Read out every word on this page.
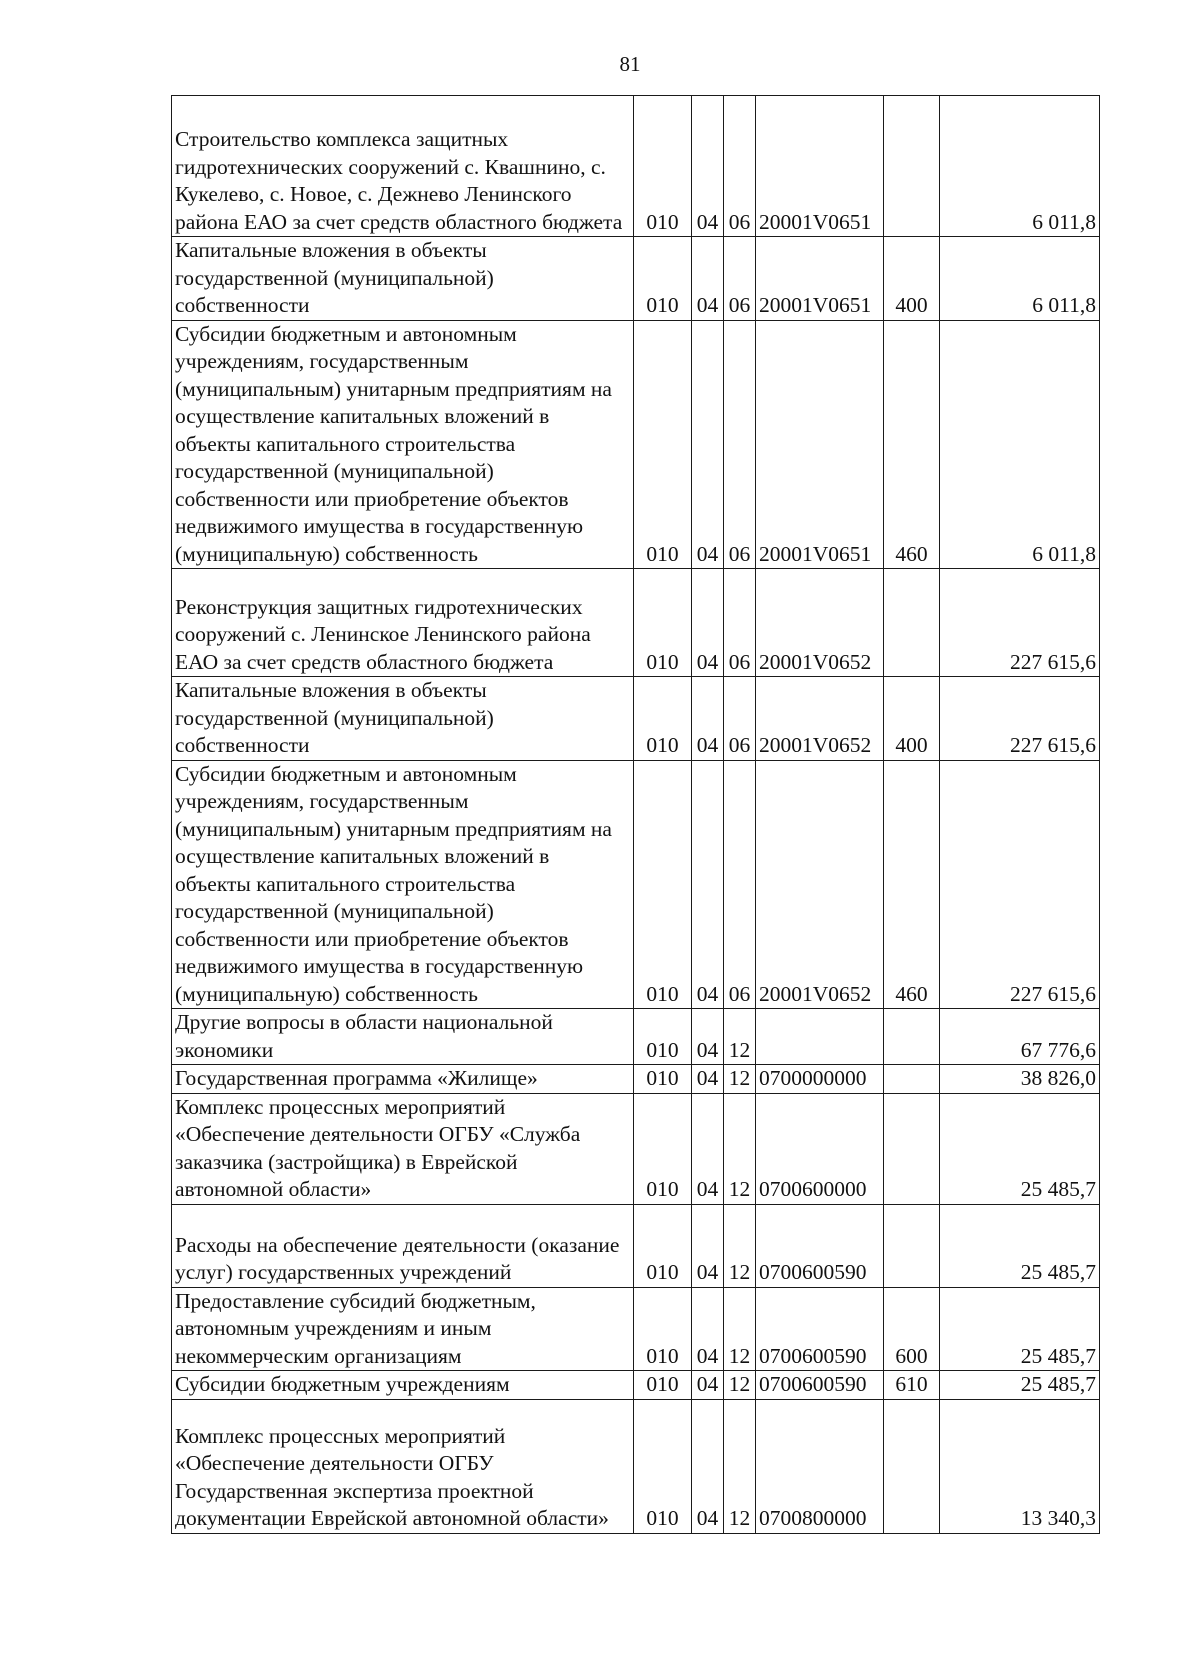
81
Строительство комплекса защитных гидротехнических сооружений с. Квашнино, с. Кукелево, с. Новое, с. Дежнево Ленинского района ЕАО за счет средств областного бюджета	010	04	06	20001V0651		6 011,8

Капитальные вложения в объекты государственной (муниципальной) собственности	010	04	06	20001V0651	400	6 011,8

Субсидии бюджетным и автономным учреждениям, государственным (муниципальным) унитарным предприятиям на осуществление капитальных вложений в объекты капитального строительства государственной (муниципальной) собственности или приобретение объектов недвижимого имущества в государственную (муниципальную) собственность	010	04	06	20001V0651	460	6 011,8

Реконструкция защитных гидротехнических сооружений с. Ленинское Ленинского района ЕАО за счет средств областного бюджета	010	04	06	20001V0652		227 615,6

Капитальные вложения в объекты государственной (муниципальной) собственности	010	04	06	20001V0652	400	227 615,6

Субсидии бюджетным и автономным учреждениям, государственным (муниципальным) унитарным предприятиям на осуществление капитальных вложений в объекты капитального строительства государственной (муниципальной) собственности или приобретение объектов недвижимого имущества в государственную (муниципальную) собственность	010	04	06	20001V0652	460	227 615,6

Другие вопросы в области национальной экономики	010	04	12			67 776,6

Государственная программа «Жилище»	010	04	12	0700000000		38 826,0

Комплекс процессных мероприятий «Обеспечение деятельности ОГБУ «Служба заказчика (застройщика) в Еврейской автономной области»	010	04	12	0700600000		25 485,7

Расходы на обеспечение деятельности (оказание услуг) государственных учреждений	010	04	12	0700600590		25 485,7

Предоставление субсидий бюджетным, автономным учреждениям и иным некоммерческим организациям	010	04	12	0700600590	600	25 485,7

Субсидии бюджетным учреждениям	010	04	12	0700600590	610	25 485,7

Комплекс процессных мероприятий «Обеспечение деятельности ОГБУ Государственная экспертиза проектной документации Еврейской автономной области»	010	04	12	0700800000		13 340,3
